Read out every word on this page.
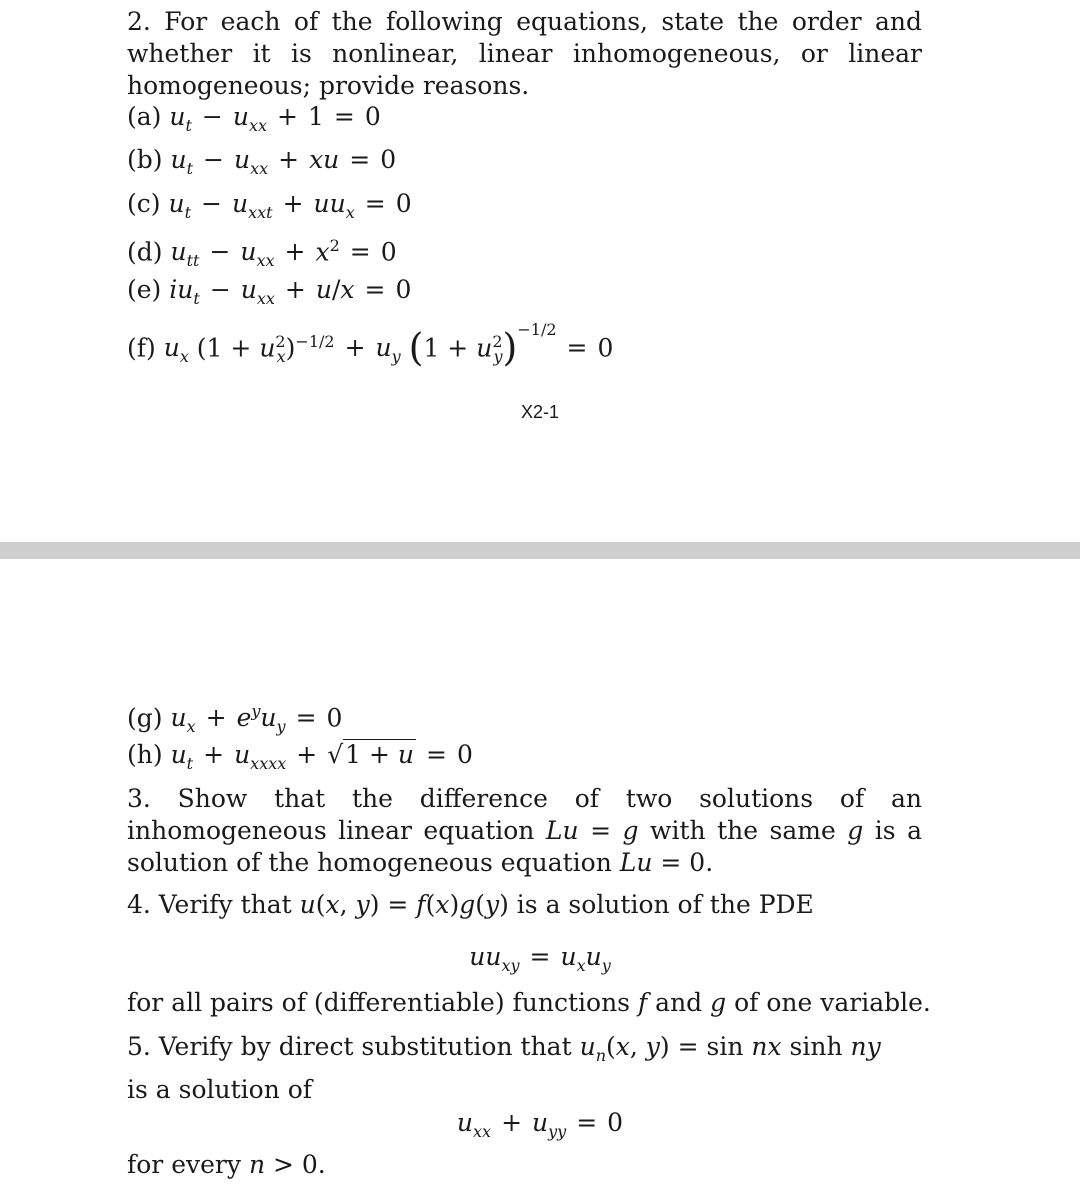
2. For each of the following equations, state the order and whether it is nonlinear, linear inhomogeneous, or linear homogeneous; provide reasons.
(a) $u_t - u_{xx} + 1 = 0$
(b) $u_t - u_{xx}$ + xu = 0
(c) $u_t - u_{xxt} + uu_x = 0$
(d) $u_{tt} - u_{xx} + x^2 = 0$
(e) $iu_t - u_{xx} + u/x = 0$
(f) $u_x$ $(1 + u^2_x)^{-1/2} + u_y$ $(1 + u^2_y)^{-1/2}= 0$
X2-1
(g) $u_x + e^yu_y = 0$
(h) $u_t + u_{xxxx} + √1 + u = 0$
3. Show that the difference of two solutions of an inhomogeneous linear equation Lu = g with the same g is a solution of the homogeneous equation Lu = 0.
4. Verify that u(x, y) = f(x)g(y) is a solution of the PDE
$uu_{xy} = u_xu_y$
for all pairs of (differentiable) functions f and g of one variable.
5. Verify by direct substitution that $u_n(x$, y) = sin nx sinh ny
is a solution of
$u_{xx} + u_{yy} = 0$
for every n > 0.
